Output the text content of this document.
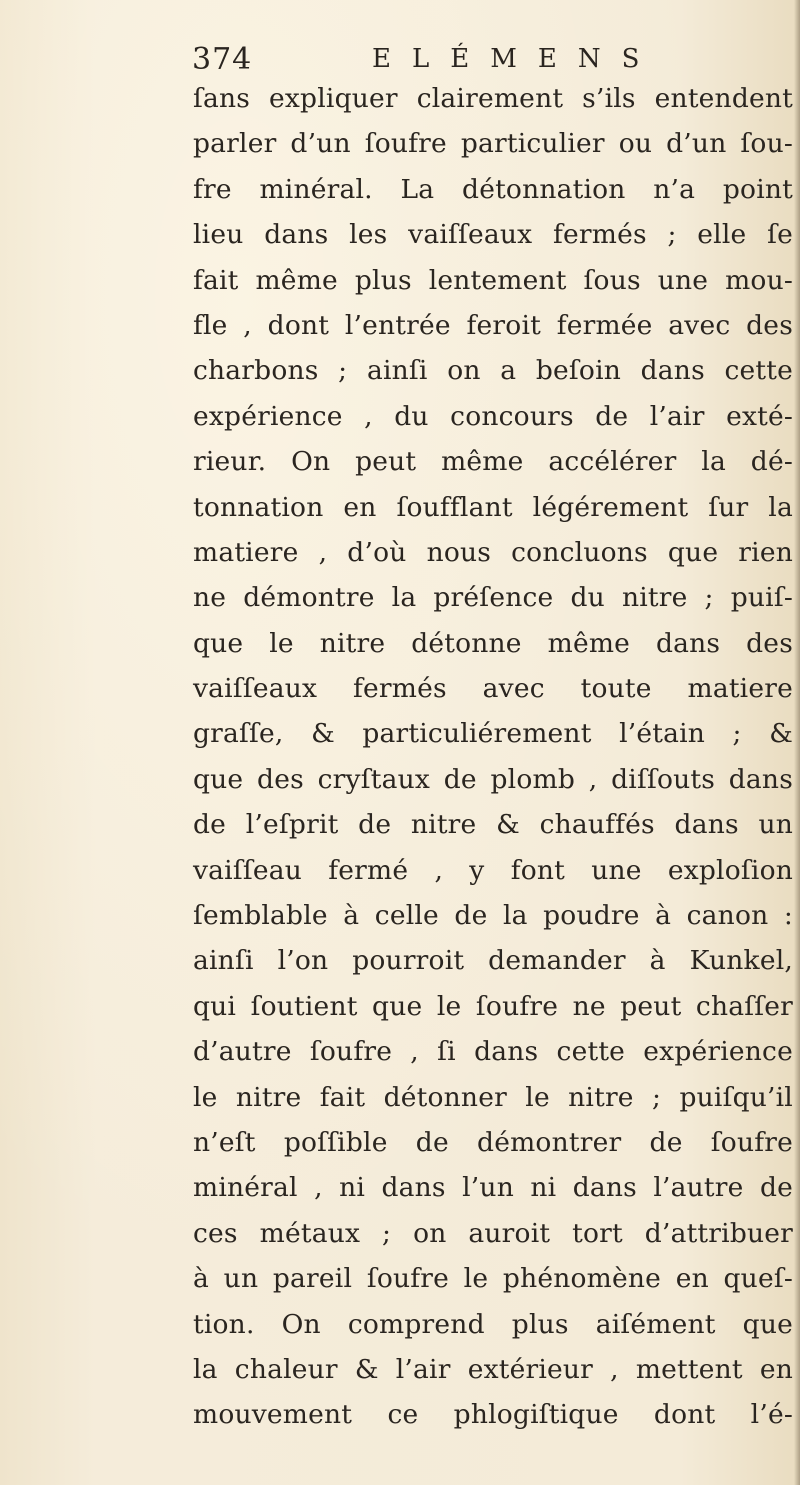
374	ELÉMENS
ſans expliquer clairement s’ils entendent
parler d’un ſoufre particulier ou d’un ſou-
fre minéral. La détonnation n’a point
lieu dans les vaiſſeaux fermés ; elle ſe
fait même plus lentement ſous une mou-
fle , dont l’entrée feroit fermée avec des
charbons ; ainſi on a beſoin dans cette
expérience , du concours de l’air exté-
rieur. On peut même accélérer la dé-
tonnation en ſoufflant légérement ſur la
matiere , d’où nous concluons que rien
ne démontre la préſence du nitre ; puiſ-
que le nitre détonne même dans des
vaiſſeaux fermés avec toute matiere
graſſe, & particuliérement l’étain ; &
que des cryſtaux de plomb , diſſouts dans
de l’eſprit de nitre & chauffés dans un
vaiſſeau fermé , y font une exploſion
ſemblable à celle de la poudre à canon :
ainſi l’on pourroit demander à Kunkel,
qui ſoutient que le ſoufre ne peut chaſſer
d’autre ſoufre , ſi dans cette expérience
le nitre fait détonner le nitre ; puiſqu’il
n’eſt poſſible de démontrer de ſoufre
minéral , ni dans l’un ni dans l’autre de
ces métaux ; on auroit tort d’attribuer
à un pareil ſoufre le phénomène en queſ-
tion. On comprend plus aiſément que
la chaleur & l’air extérieur , mettent en
mouvement ce phlogiſtique dont l’é-
